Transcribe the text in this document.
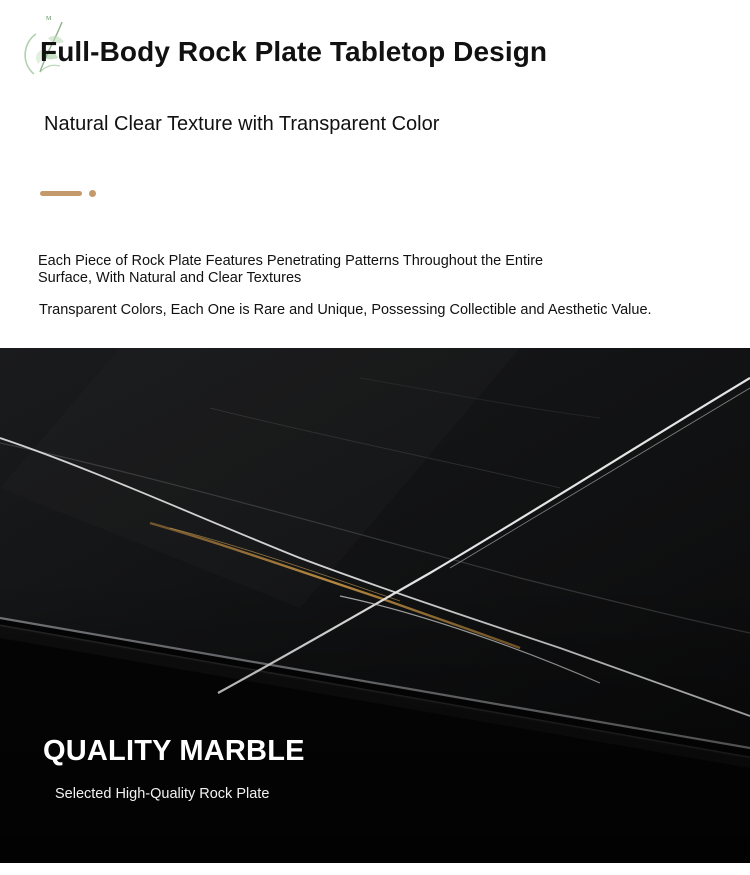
M
Full-Body Rock Plate Tabletop Design
Natural Clear Texture with Transparent Color

Each Piece of Rock Plate Features Penetrating Patterns Throughout the Entire Surface, With Natural and Clear Textures

Transparent Colors, Each One is Rare and Unique, Possessing Collectible and Aesthetic Value.

QUALITY MARBLE

Selected High-Quality Rock Plate
